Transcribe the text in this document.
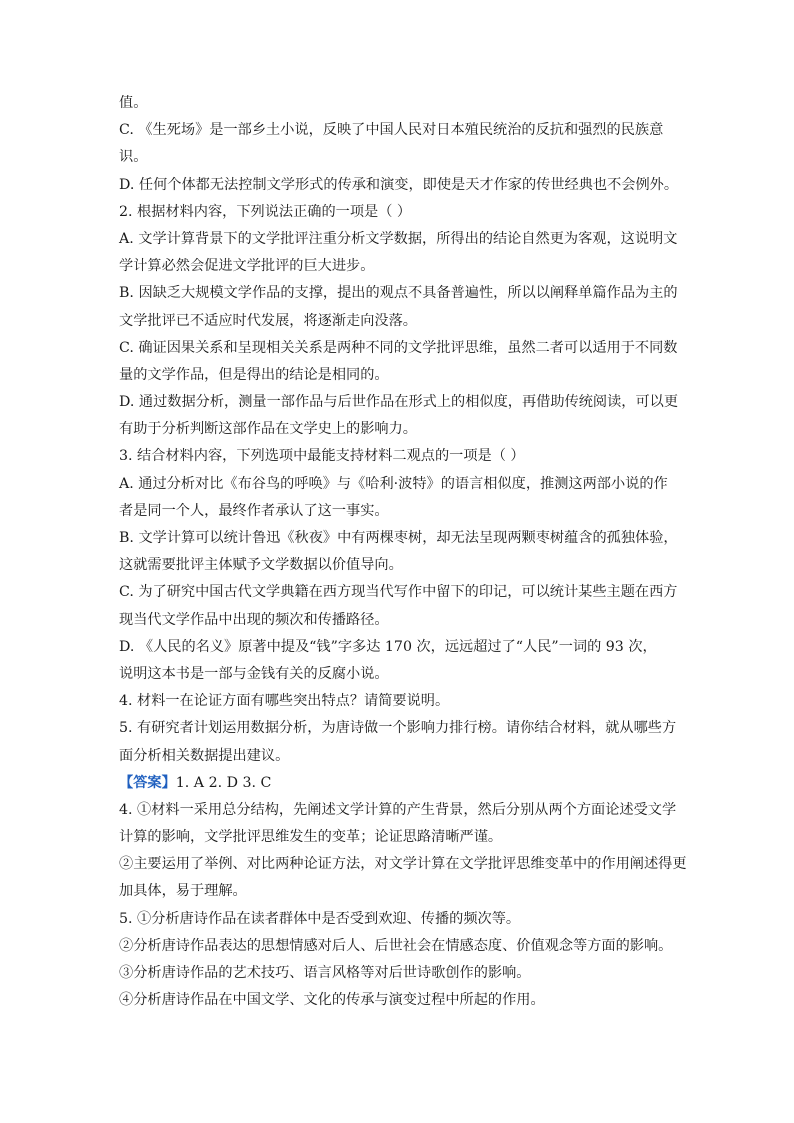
值。
C. 《生死场》是一部乡土小说，反映了中国人民对日本殖民统治的反抗和强烈的民族意
识。
D. 任何个体都无法控制文学形式的传承和演变，即使是天才作家的传世经典也不会例外。
2. 根据材料内容，下列说法正确的一项是（ ）
A. 文学计算背景下的文学批评注重分析文学数据，所得出的结论自然更为客观，这说明文
学计算必然会促进文学批评的巨大进步。
B. 因缺乏大规模文学作品的支撑，提出的观点不具备普遍性，所以以阐释单篇作品为主的
文学批评已不适应时代发展，将逐渐走向没落。
C. 确证因果关系和呈现相关关系是两种不同的文学批评思维，虽然二者可以适用于不同数
量的文学作品，但是得出的结论是相同的。
D. 通过数据分析，测量一部作品与后世作品在形式上的相似度，再借助传统阅读，可以更
有助于分析判断这部作品在文学史上的影响力。
3. 结合材料内容，下列选项中最能支持材料二观点的一项是（ ）
A. 通过分析对比《布谷鸟的呼唤》与《哈利·波特》的语言相似度，推测这两部小说的作
者是同一个人，最终作者承认了这一事实。
B. 文学计算可以统计鲁迅《秋夜》中有两棵枣树，却无法呈现两颗枣树蕴含的孤独体验，
这就需要批评主体赋予文学数据以价值导向。
C. 为了研究中国古代文学典籍在西方现当代写作中留下的印记，可以统计某些主题在西方
现当代文学作品中出现的频次和传播路径。
D. 《人民的名义》原著中提及“钱”字多达 170 次，远远超过了“人民”一词的 93 次，
说明这本书是一部与金钱有关的反腐小说。
4. 材料一在论证方面有哪些突出特点？请简要说明。
5. 有研究者计划运用数据分析，为唐诗做一个影响力排行榜。请你结合材料，就从哪些方
面分析相关数据提出建议。
【答案】1. A 2. D 3. C
4. ①材料一采用总分结构，先阐述文学计算的产生背景，然后分别从两个方面论述受文学
计算的影响，文学批评思维发生的变革；论证思路清晰严谨。
②主要运用了举例、对比两种论证方法，对文学计算在文学批评思维变革中的作用阐述得更
加具体，易于理解。
5. ①分析唐诗作品在读者群体中是否受到欢迎、传播的频次等。
②分析唐诗作品表达的思想情感对后人、后世社会在情感态度、价值观念等方面的影响。
③分析唐诗作品的艺术技巧、语言风格等对后世诗歌创作的影响。
④分析唐诗作品在中国文学、文化的传承与演变过程中所起的作用。
